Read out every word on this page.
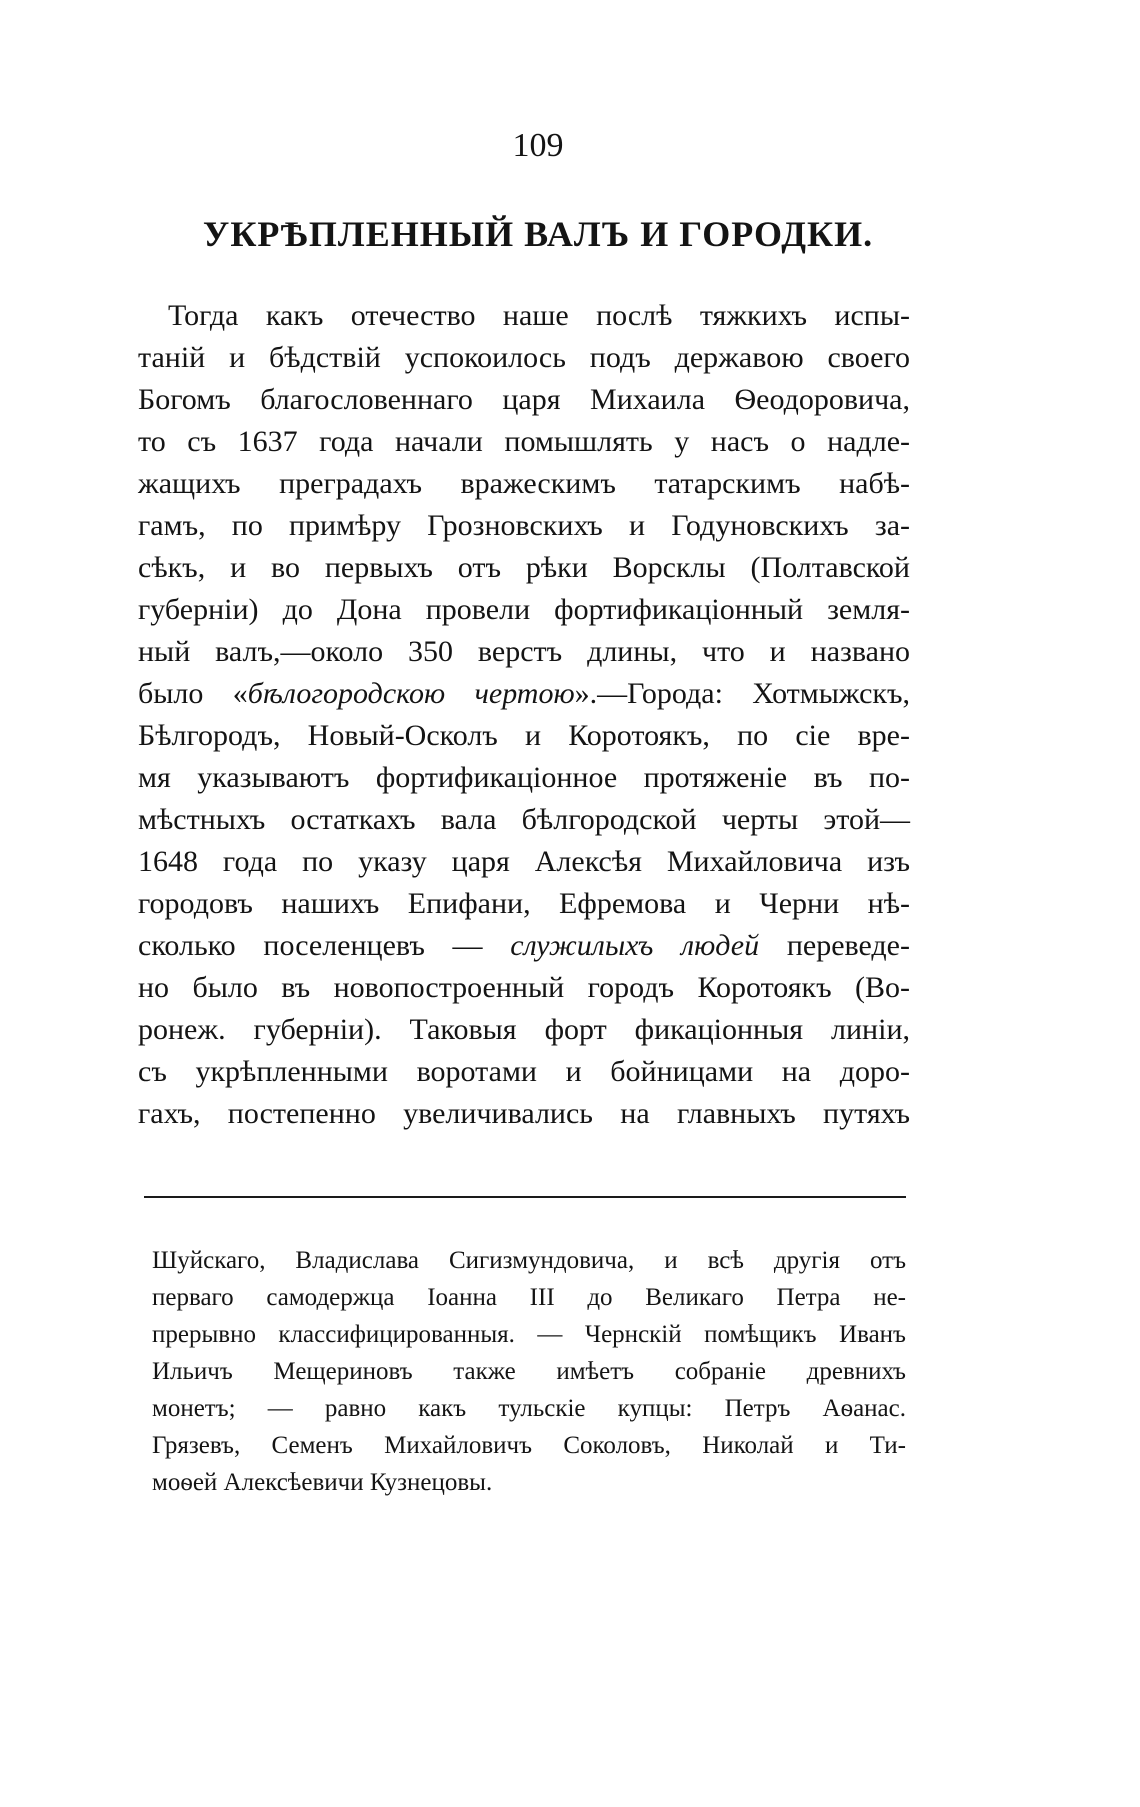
109
УКРѢПЛЕННЫЙ ВАЛЪ И ГОРОДКИ.
Тогда какъ отечество наше послѣ тяжкихъ испы-
таній и бѣдствій успокоилось подъ державою своего
Богомъ благословеннаго царя Михаила Ѳеодоровича,
то съ 1637 года начали помышлять у насъ о надле-
жащихъ преградахъ вражескимъ татарскимъ набѣ-
гамъ, по примѣру Грозновскихъ и Годуновскихъ за-
сѣкъ, и во первыхъ отъ рѣки Ворсклы (Полтавской
губерніи) до Дона провели фортификаціонный земля-
ный валъ,—около 350 верстъ длины, что и названо
было «бѣлогородскою чертою».—Города: Хотмыжскъ,
Бѣлгородъ, Новый-Осколъ и Коротоякъ, по сіе вре-
мя указываютъ фортификаціонное протяженіе въ по-
мѣстныхъ остаткахъ вала бѣлгородской черты этой—
1648 года по указу царя Алексѣя Михайловича изъ
городовъ нашихъ Епифани, Ефремова и Черни нѣ-
сколько поселенцевъ — служилыхъ людей переведе-
но было въ новопостроенный городъ Коротоякъ (Во-
ронеж. губерніи). Таковыя форт фикаціонныя линіи,
съ укрѣпленными воротами и бойницами на доро-
гахъ, постепенно увеличивались на главныхъ путяхъ
Шуйскаго, Владислава Сигизмундовича, и всѣ другія отъ
перваго самодержца Іоанна III до Великаго Петра не-
прерывно классифицированныя. — Чернскій помѣщикъ Иванъ
Ильичъ Мещериновъ также имѣетъ собраніе древнихъ
монетъ; — равно какъ тульскіе купцы: Петръ Аѳанас.
Грязевъ, Семенъ Михайловичъ Соколовъ, Николай и Ти-
моѳей Алексѣевичи Кузнецовы.
